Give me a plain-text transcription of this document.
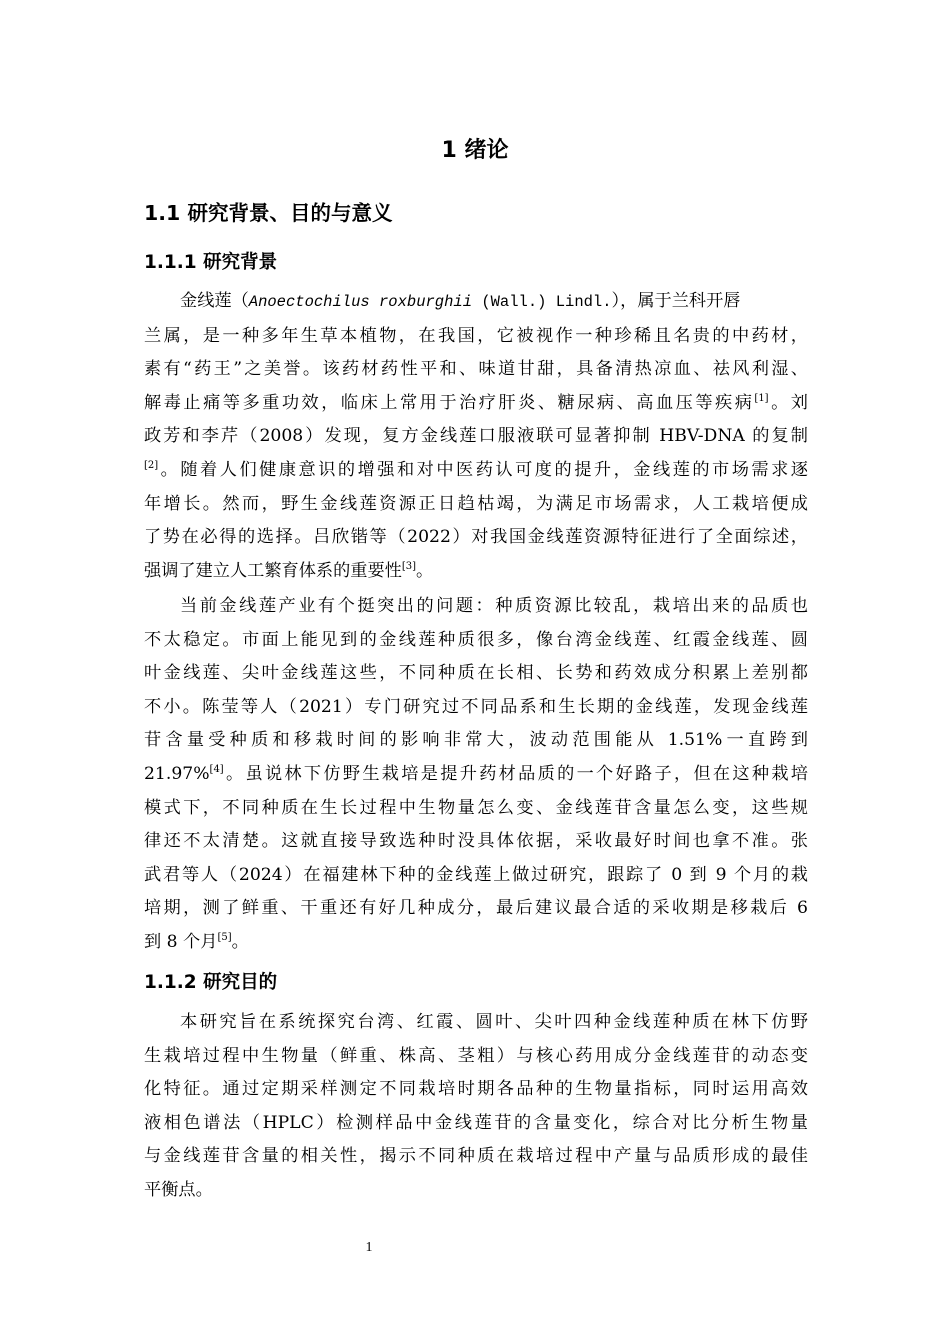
1 绪论
1.1 研究背景、目的与意义
1.1.1 研究背景
金线莲（Anoectochilus roxburghii (Wall.) Lindl.），属于兰科开唇
兰属，是一种多年生草本植物，在我国，它被视作一种珍稀且名贵的中药材，
素有“药王”之美誉。该药材药性平和、味道甘甜，具备清热凉血、祛风利湿、
解毒止痛等多重功效，临床上常用于治疗肝炎、糖尿病、高血压等疾病[1]。刘
政芳和李芹（2008）发现，复方金线莲口服液联可显著抑制 HBV-DNA 的复制
[2]。随着人们健康意识的增强和对中医药认可度的提升，金线莲的市场需求逐
年增长。然而，野生金线莲资源正日趋枯竭，为满足市场需求，人工栽培便成
了势在必得的选择。吕欣锴等（2022）对我国金线莲资源特征进行了全面综述，
强调了建立人工繁育体系的重要性[3]。
当前金线莲产业有个挺突出的问题：种质资源比较乱，栽培出来的品质也
不太稳定。市面上能见到的金线莲种质很多，像台湾金线莲、红霞金线莲、圆
叶金线莲、尖叶金线莲这些，不同种质在长相、长势和药效成分积累上差别都
不小。陈莹等人（2021）专门研究过不同品系和生长期的金线莲，发现金线莲
苷含量受种质和移栽时间的影响非常大，波动范围能从 1.51%一直跨到
21.97%[4]。虽说林下仿野生栽培是提升药材品质的一个好路子，但在这种栽培
模式下，不同种质在生长过程中生物量怎么变、金线莲苷含量怎么变，这些规
律还不太清楚。这就直接导致选种时没具体依据，采收最好时间也拿不准。张
武君等人（2024）在福建林下种的金线莲上做过研究，跟踪了 0 到 9 个月的栽
培期，测了鲜重、干重还有好几种成分，最后建议最合适的采收期是移栽后 6
到 8 个月[5]。
1.1.2 研究目的
本研究旨在系统探究台湾、红霞、圆叶、尖叶四种金线莲种质在林下仿野
生栽培过程中生物量（鲜重、株高、茎粗）与核心药用成分金线莲苷的动态变
化特征。通过定期采样测定不同栽培时期各品种的生物量指标，同时运用高效
液相色谱法（HPLC）检测样品中金线莲苷的含量变化，综合对比分析生物量
与金线莲苷含量的相关性，揭示不同种质在栽培过程中产量与品质形成的最佳
平衡点。
1
